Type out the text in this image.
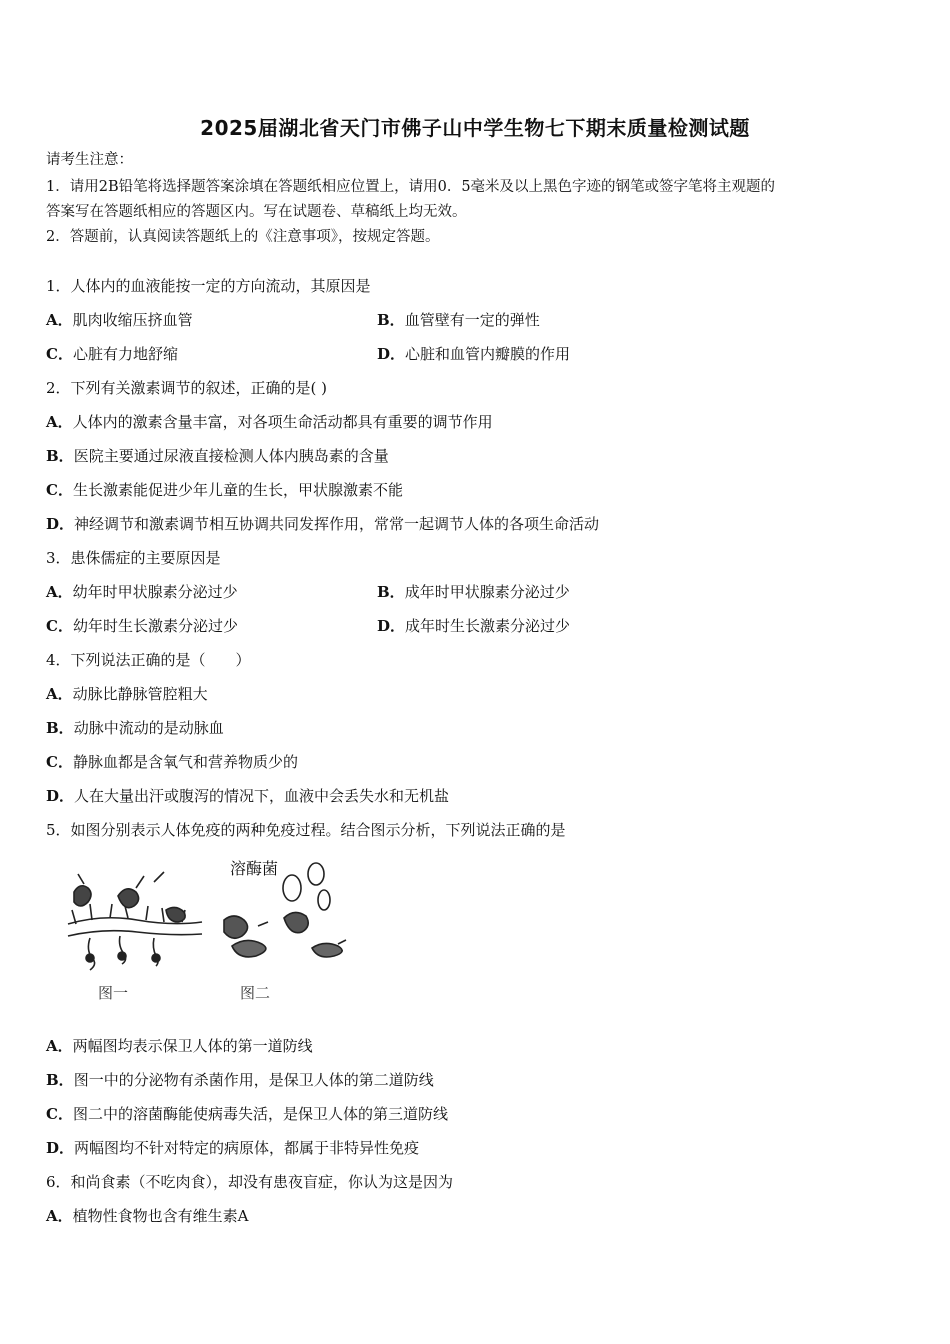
2025届湖北省天门市佛子山中学生物七下期末质量检测试题
请考生注意：
1．请用2B铅笔将选择题答案涂填在答题纸相应位置上，请用0．5毫米及以上黑色字迹的钢笔或签字笔将主观题的
答案写在答题纸相应的答题区内。写在试题卷、草稿纸上均无效。
2．答题前，认真阅读答题纸上的《注意事项》，按规定答题。
1．人体内的血液能按一定的方向流动，其原因是
A．肌肉收缩压挤血管	B．血管壁有一定的弹性
C．心脏有力地舒缩	D．心脏和血管内瓣膜的作用
2．下列有关激素调节的叙述，正确的是( )
A．人体内的激素含量丰富，对各项生命活动都具有重要的调节作用
B．医院主要通过尿液直接检测人体内胰岛素的含量
C．生长激素能促进少年儿童的生长，甲状腺激素不能
D．神经调节和激素调节相互协调共同发挥作用，常常一起调节人体的各项生命活动
3．患侏儒症的主要原因是
A．幼年时甲状腺素分泌过少	B．成年时甲状腺素分泌过少
C．幼年时生长激素分泌过少	D．成年时生长激素分泌过少
4．下列说法正确的是（　　）
A．动脉比静脉管腔粗大
B．动脉中流动的是动脉血
C．静脉血都是含氧气和营养物质少的
D．人在大量出汗或腹泻的情况下，血液中会丢失水和无机盐
5．如图分别表示人体免疫的两种免疫过程。结合图示分析，下列说法正确的是
溶酶菌
图一	图二
A．两幅图均表示保卫人体的第一道防线
B．图一中的分泌物有杀菌作用，是保卫人体的第二道防线
C．图二中的溶菌酶能使病毒失活，是保卫人体的第三道防线
D．两幅图均不针对特定的病原体，都属于非特异性免疫
6．和尚食素（不吃肉食），却没有患夜盲症，你认为这是因为
A．植物性食物也含有维生素A
